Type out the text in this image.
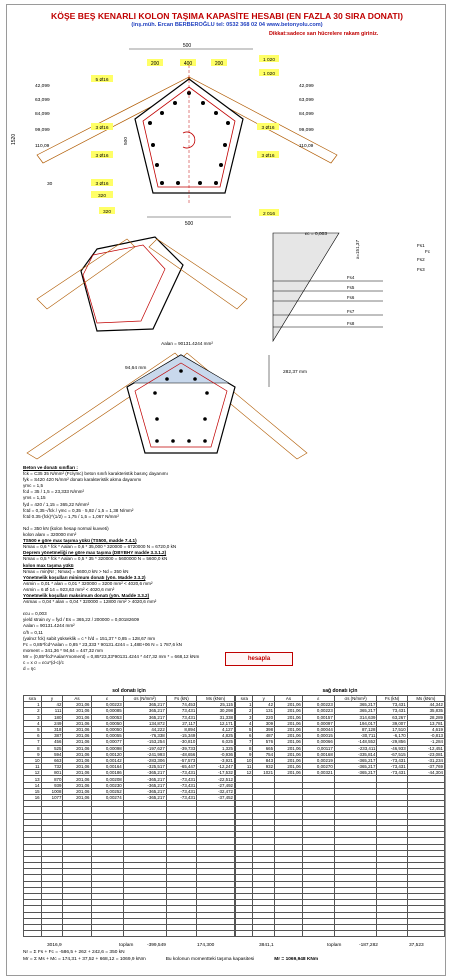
KÖŞE BEŞ KENARLI KOLON TAŞIMA KAPASİTE HESABI (EN FAZLA 30 SIRA DONATI)
(inş.müh. Ercan BERBEROĞLU tel: 0532 368 02 04 www.betonyolu.com)
Dikkat:sadece sarı hücrelere rakam giriniz.
500
200	400	200
5 Ø16
3 Ø16
3 Ø16
3 Ø16
320
42,099
63,099
84,099
99,099
110,09
42,099
63,099
84,099
99,099
110,09
1 020
1 020
2 016
3 Ø16
3 Ø16
1520	500
500
320
30
εc = 0,003
x=151,37	Fs1
Fc
Fs2
Fs3
Fs4
Fs5
Fs6
Fs7
Fs8
Aalan = 90131.4244 mm²
94,64 mm
282,37 mm
Beton ve donatı sınıfları :
fck = C35 35 N/mm² (Fc/γmc) beton sınıfı karakteristik basınç dayanımı
fyk = S420 420 N/mm² donatı karakteristik akma dayanımı
γmc = 1,5
fcd = 35 / 1,5 = 23,333 N/mm²
γms = 1,15
fyd = 420 / 1,15 = 365,22 N/mm²
fctd = 0,35·√fck / γmc = 0,35 · 5,92 / 1,5 = 1,38 N/mm²
fctd 0.35·(fck)^(1/2) = 1,75 / 1,5 = 1,067 N/mm²
Nd = 350 kN (kolon hesap normal kuvveti)
kolon alanı = 320000 mm²
TS500 e göre max taşıma yükü (TS500, madde 7.4.1)
Nmax = 0,6 * fck * Aalan = 0,6 * 35,000 * 320000 = 6720000 N = 6720,0 kN
Deprem yönetmeliği ne göre max taşıma (DBYBHY madde 3.3.1.2)
Nmax = 0,5 * fck * Aalan = 0,5 * 35 * 320000 = 5600000 N = 5600,0 kN
kolon max taşıma yükü
Nmax = min(Nr ; Nmax) = 5600,0 kN > Nd = 350 kN
Yönetmelik koşulları minimum donatı (yön. Madde 3.3.2)
Asmin = 0,01 * alan = 0,01 * 320000 = 3200 mm² < 4020,6 mm²
Asmin = 6 Ø 14 = 923,63 mm² < 4020,6 mm²
Yönetmelik koşulları maksimum donatı (yön. Madde 3.3.2)
Asmax = 0,04 * alan = 0,04 * 320000 = 12800 mm² > 4020,6 mm²
εcu = 0,003
yield strain εy = fyd / Es = 365,22 / 200000 = 0,00182609
Aalan = 90131.4244 mm²
c/h = 0,11
(yalnız fck) sabit yükseklik = c * h/d = 151,37 * 0,85 = 128,67 mm
Fc = 0,85*fcd*Aalan = 0,85 * 23,333 * 90131.4244 = 1,48E+06 N = 1 787,6 kN
moment = 341,36 * 94,64 = 447,32 mm
Mr = (0,85*fcd*Aalan*moment) = 0,85*23,33*90131.4244 * 447,32 mm * = 668,12 kNm
c = x σ = εcu*(d-c)/c
d = ηc
hesapla
sol donatı için
sıra	y	As	ε	σs (N/mm²)	Fs (kN)	Ms (kNm)
1	42	201,06	0,00223	365,217	74,453	25,115
2	111	201,06	0,00085	365,217	73,431	30,298
3	180	201,06	0,00053	365,217	73,431	31,338
4	249	201,06	0,00050	134,872	27,117	12,171
5	318	201,06	0,00050	44,222	8,894	4,127
6	387	201,06	0,00055	-76,338	-15,349	4,825
7	456	201,06	0,00077	-153,254	-30,810	6,025
8	525	201,06	0,00098	-197,627	-39,733	1,325
9	594	201,06	0,00120	-241,993	-48,656	-0,936
10	663	201,06	0,00142	-283,306	-57,573	-3,921
11	732	201,06	0,00164	-325,517	-65,447	-12,247
12	801	201,06	0,00186	-365,217	-73,431	-17,532
13	870	201,06	0,00208	-365,217	-73,431	-22,512
14	939	201,06	0,00230	-365,217	-73,431	-27,492
15	1008	201,06	0,00252	-365,217	-73,431	-32,472
16	1077	201,06	0,00274	-365,217	-73,431	-37,452

sağ donatı için
sıra	y	As	ε	σs (N/mm²)	Fs (kN)	Ms (kNm)
1	42	201,06	0,00223	365,217	73,431	44,342
2	131	201,06	0,00223	365,217	73,431	35,835
3	220	201,06	0,00157	314,639	63,267	28,289
4	309	201,06	0,00097	194,017	39,007	13,781
5	398	201,06	0,00044	87,128	17,510	4,619
6	487	201,06	0,00015	-30,711	-6,170	-0,813
7	576	201,06	0,00066	-148,552	-29,856	-1,284
8	665	201,06	0,00117	-233,411	-46,933	-12,451
9	754	201,06	0,00168	-335,814	-67,515	-23,081
10	843	201,06	0,00219	-365,217	-73,431	-31,234
11	932	201,06	0,00270	-365,217	-73,431	-37,769
12	1021	201,06	0,00321	-365,217	-73,431	-44,304

3016,9	toplam	-399,549	174,300	3841,1	toplam	-187,282	37,523
Nr = Σ Fs + Fc = -586,5 + 262 + 242,6 = 350 kN
Mr = Σ Ms + Mc = 174,31 + 37,52 + 668,12 = 1069,9 kNm	Bu kolonun momentteki taşıma kapasitesi	Mr = 1069,948 KNm
